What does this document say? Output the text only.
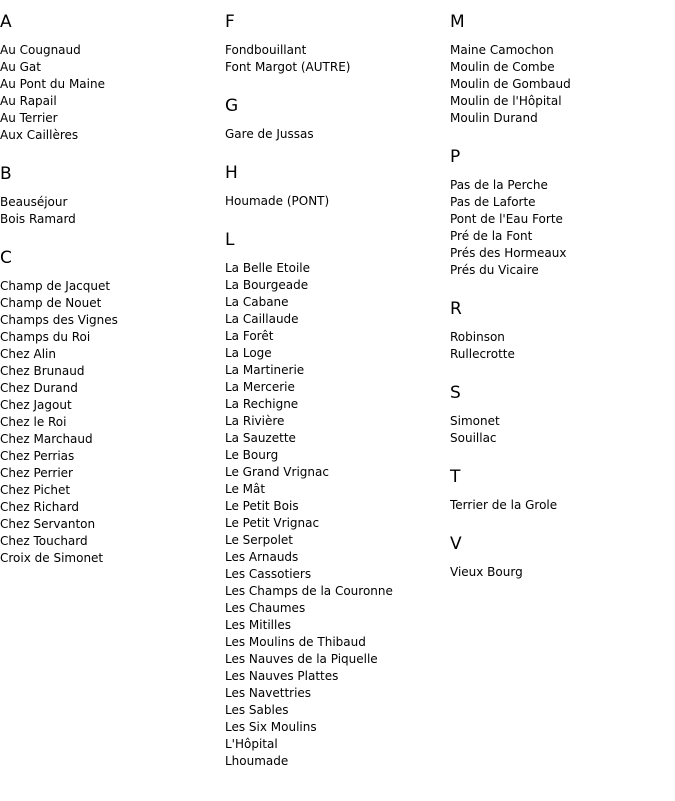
A
Au Cougnaud
Au Gat
Au Pont du Maine
Au Rapail
Au Terrier
Aux Caillères
B
Beauséjour
Bois Ramard
C
Champ de Jacquet
Champ de Nouet
Champs des Vignes
Champs du Roi
Chez Alin
Chez Brunaud
Chez Durand
Chez Jagout
Chez le Roi
Chez Marchaud
Chez Perrias
Chez Perrier
Chez Pichet
Chez Richard
Chez Servanton
Chez Touchard
Croix de Simonet
F
Fondbouillant
Font Margot (AUTRE)
G
Gare de Jussas
H
Houmade (PONT)
L
La Belle Etoile
La Bourgeade
La Cabane
La Caillaude
La Forêt
La Loge
La Martinerie
La Mercerie
La Rechigne
La Rivière
La Sauzette
Le Bourg
Le Grand Vrignac
Le Mât
Le Petit Bois
Le Petit Vrignac
Le Serpolet
Les Arnauds
Les Cassotiers
Les Champs de la Couronne
Les Chaumes
Les Mitilles
Les Moulins de Thibaud
Les Nauves de la Piquelle
Les Nauves Plattes
Les Navettries
Les Sables
Les Six Moulins
L'Hôpital
Lhoumade
M
Maine Camochon
Moulin de Combe
Moulin de Gombaud
Moulin de l'Hôpital
Moulin Durand
P
Pas de la Perche
Pas de Laforte
Pont de l'Eau Forte
Pré de la Font
Prés des Hormeaux
Prés du Vicaire
R
Robinson
Rullecrotte
S
Simonet
Souillac
T
Terrier de la Grole
V
Vieux Bourg
